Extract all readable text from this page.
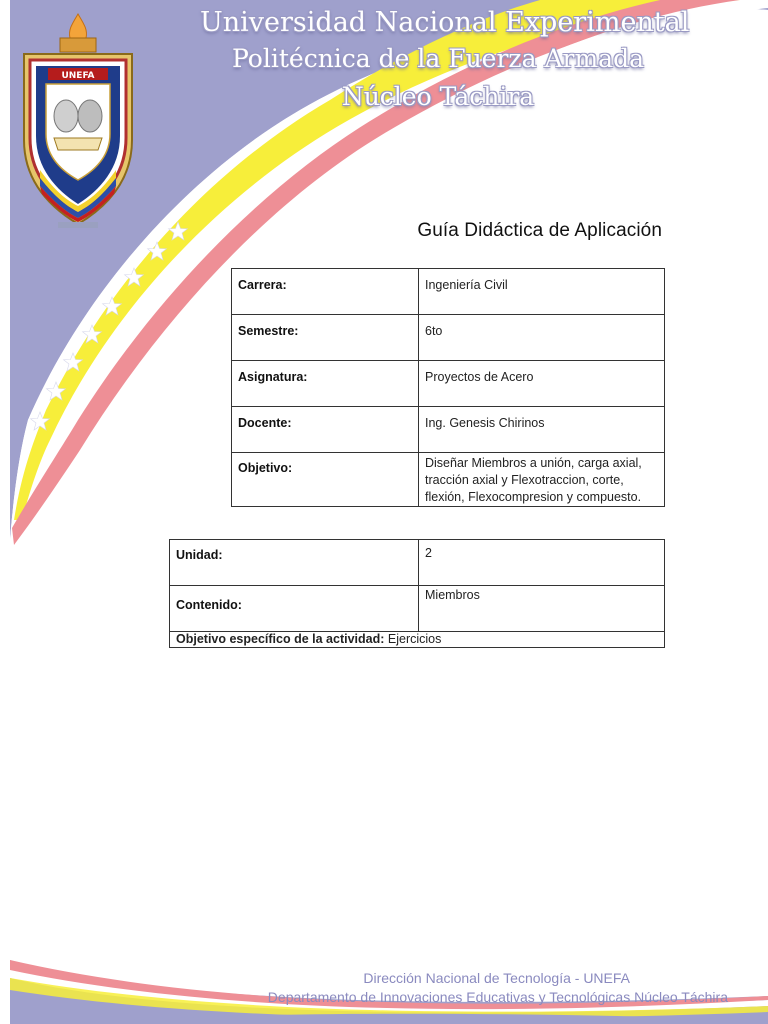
UNEFA
Universidad Nacional Experimental
Politécnica de la Fuerza Armada
Núcleo Táchira
Guía Didáctica de Aplicación
Carrera:	Ingeniería Civil

Semestre:	6to

Asignatura:	Proyectos de Acero

Docente:	Ing. Genesis Chirinos

Objetivo:	Diseñar Miembros a unión, carga axial, tracción axial y Flexotraccion, corte, flexión, Flexocompresion y compuesto.
Unidad:	2

Contenido:	Miembros

Objetivo específico de la actividad: Ejercicios	
Dirección Nacional de Tecnología - UNEFA
Departamento de Innovaciones Educativas y Tecnológicas Núcleo Táchira
